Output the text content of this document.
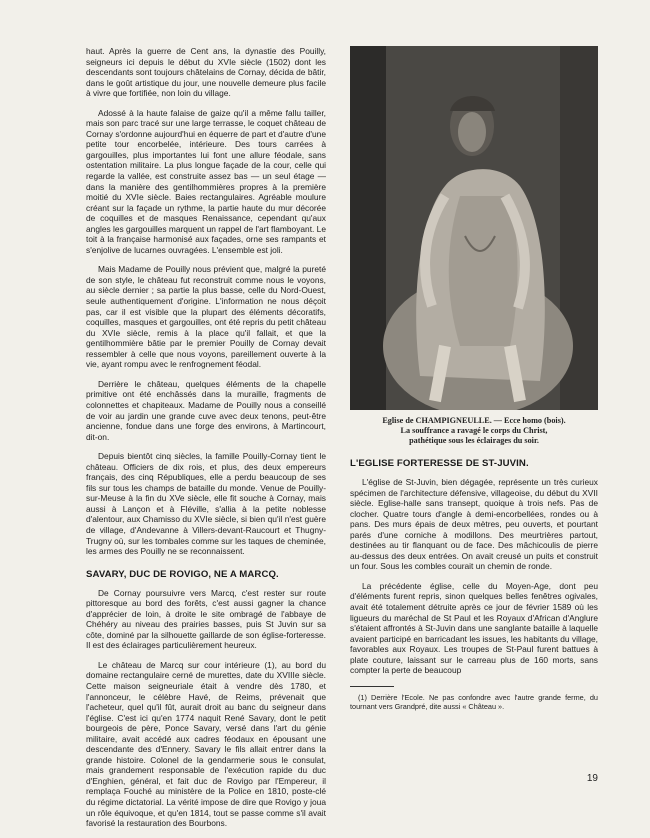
haut. Après la guerre de Cent ans, la dynastie des Pouilly, seigneurs ici depuis le début du XVIe siècle (1502) dont les descendants sont toujours châtelains de Cornay, décida de bâtir, dans le goût artistique du jour, une nouvelle demeure plus facile à vivre que fortifiée, non loin du village.

Adossé à la haute falaise de gaize qu'il a même fallu tailler, mais son parc tracé sur une large terrasse, le coquet château de Cornay s'ordonne aujourd'hui en équerre de part et d'autre d'une petite tour encorbelée, intérieure. Des tours carrées à gargouilles, plus importantes lui font une allure féodale, sans ostentation militaire. La plus longue façade de la cour, celle qui regarde la vallée, est construite assez bas — un seul étage — dans la manière des gentilhommières propres à la première moitié du XVIe siècle. Baies rectangulaires. Agréable moulure créant sur la façade un rythme, la partie haute du mur décorée de coquilles et de masques Renaissance, cependant qu'aux angles les gargouilles marquent un rappel de l'art flamboyant. Le toit à la française harmonisé aux façades, orne ses rampants et s'enjolive de lucarnes ouvragées. L'ensemble est joli.

Mais Madame de Pouilly nous prévient que, malgré la pureté de son style, le château fut reconstruit comme nous le voyons, au siècle dernier ; sa partie la plus basse, celle du Nord-Ouest, seule authentiquement d'origine. L'information ne nous déçoit pas, car il est visible que la plupart des éléments décoratifs, coquilles, masques et gargouilles, ont été repris du petit château du XVIe siècle, remis à la place qu'il fallait, et que la gentilhommière bâtie par le premier Pouilly de Cornay devait ressembler à celle que nous voyons, pareillement ouverte à la vie, ayant rompu avec le renfrognement féodal.

Derrière le château, quelques éléments de la chapelle primitive ont été enchâssés dans la muraille, fragments de colonnettes et chapiteaux. Madame de Pouilly nous a conseillé de voir au jardin une grande cuve avec deux tenons, peut-être ancienne, fondue dans une forge des environs, à Martincourt, dit-on.

Depuis bientôt cinq siècles, la famille Pouilly-Cornay tient le château. Officiers de dix rois, et plus, des deux empereurs français, des cinq Républiques, elle a perdu beaucoup de ses fils sur tous les champs de bataille du monde. Venue de Pouilly-sur-Meuse à la fin du XVe siècle, elle fit souche à Cornay, mais aussi à Lançon et à Fléville, s'allia à la petite noblesse d'alentour, aux Chamisso du XVIe siècle, si bien qu'il n'est guère de village, d'Andevanne à Villers-devant-Raucourt et Thugny-Trugny où, sur les tombales comme sur les taques de cheminée, les armes des Pouilly ne se reconnaissent.

SAVARY, DUC DE ROVIGO, NE A MARCQ.

De Cornay poursuivre vers Marcq, c'est rester sur route pittoresque au bord des forêts, c'est aussi gagner la chance d'apprécier de loin, à droite le site ombragé de l'abbaye de Chéhéry au niveau des prairies basses, puis St Juvin sur sa côte, dominé par la silhouette gaillarde de son église-forteresse. Il est des éclairages particulièrement heureux.

Le château de Marcq sur cour intérieure (1), au bord du domaine rectangulaire cerné de murettes, date du XVIIIe siècle. Cette maison seigneuriale était à vendre dès 1780, et l'annonceur, le célèbre Havé, de Reims, prévenait que l'acheteur, quel qu'il fût, aurait droit au banc du seigneur dans l'église. C'est ici qu'en 1774 naquit René Savary, dont le petit bourgeois de père, Ponce Savary, versé dans l'art du génie militaire, avait accédé aux cadres féodaux en épousant une descendante des d'Ennery. Savary le fils allait entrer dans la grande histoire. Colonel de la gendarmerie sous le consulat, mais grandement responsable de l'exécution rapide du duc d'Enghien, général, et fait duc de Rovigo par l'Empereur, il remplaça Fouché au ministère de la Police en 1810, poste-clé du régime dictatorial. La vérité impose de dire que Rovigo y joua un rôle équivoque, et qu'en 1814, tout se passe comme s'il avait favorisé la restauration des Bourbons.

Eglise de CHAMPIGNEULLE. — Ecce homo (bois).
La souffrance a ravagé le corps du Christ,
pathétique sous les éclairages du soir.
L'EGLISE FORTERESSE DE ST-JUVIN.

L'église de St-Juvin, bien dégagée, représente un très curieux spécimen de l'architecture défensive, villageoise, du début du XVII siècle. Eglise-halle sans transept, quoique à trois nefs. Pas de clocher. Quatre tours d'angle à demi-encorbellées, rondes ou à pans. Des murs épais de deux mètres, peu ouverts, et pourtant parés d'une corniche à modillons. Des meurtrières partout, destinées au tir flanquant ou de face. Des mâchicoulis de pierre au-dessus des deux entrées. On avait creusé un puits et construit un four. Sous les combles courait un chemin de ronde.

La précédente église, celle du Moyen-Age, dont peu d'éléments furent repris, sinon quelques belles fenêtres ogivales, avait été totalement détruite après ce jour de février 1589 où les ligueurs du maréchal de St Paul et les Royaux d'African d'Anglure s'étaient affrontés à St-Juvin dans une sanglante bataille à laquelle avaient participé en barricadant les issues, les habitants du village, favorables aux Royaux. Les troupes de St-Paul furent battues à plate couture, laissant sur le carreau plus de 160 morts, sans compter la perte de beaucoup

(1) Derrière l'Ecole. Ne pas confondre avec l'autre grande ferme, du tournant vers Grandpré, dite aussi « Château ».
19
